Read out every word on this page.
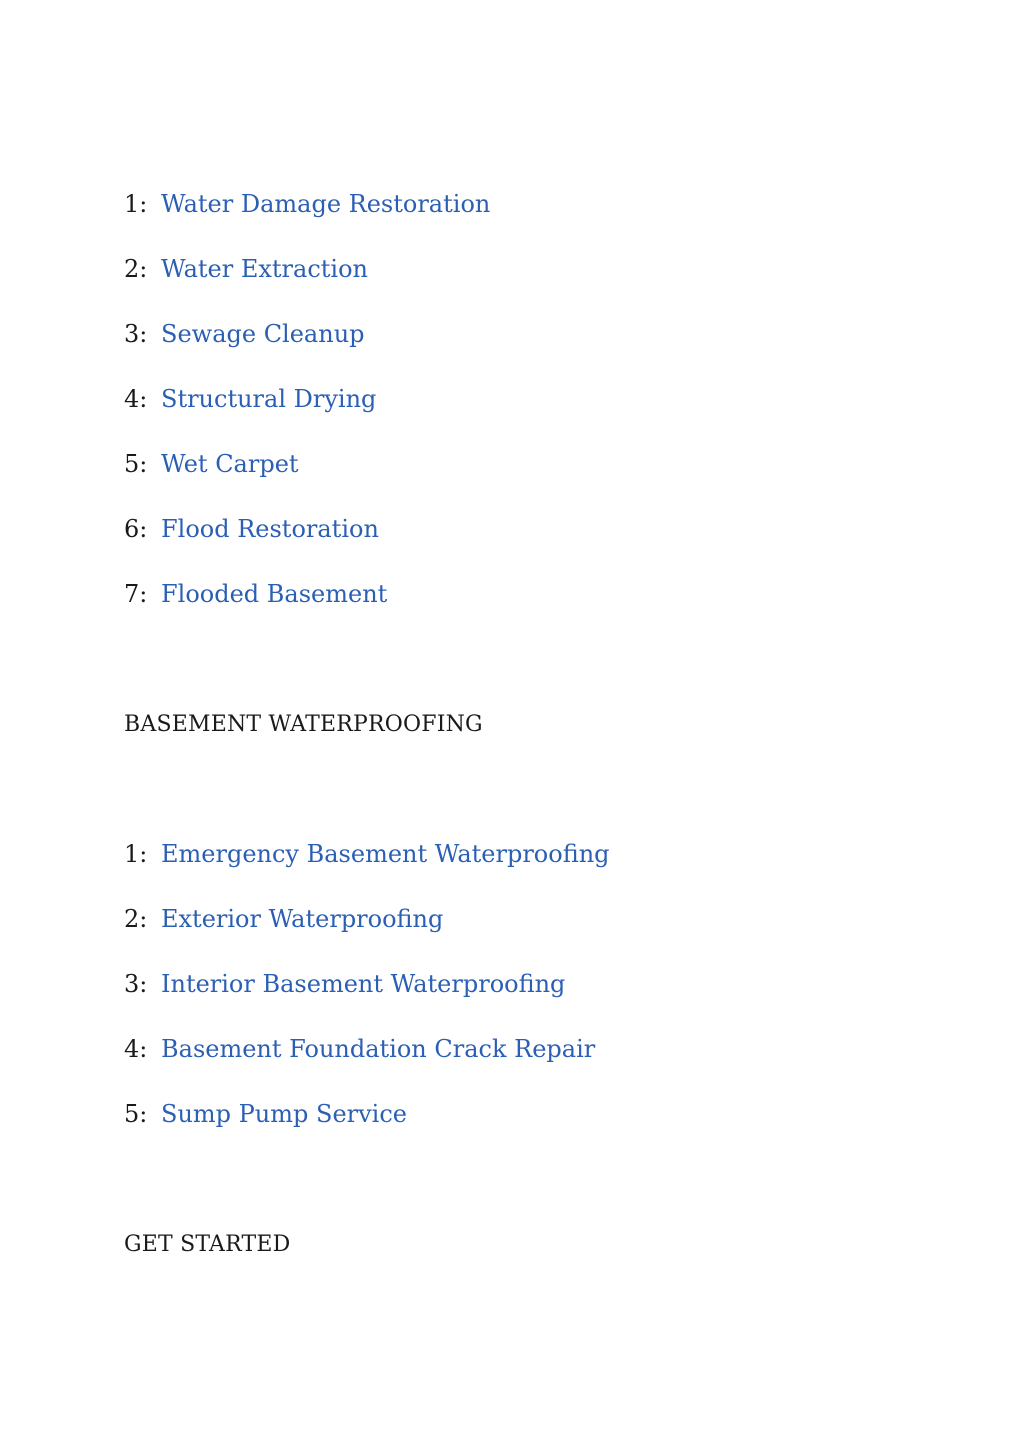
1: Water Damage Restoration
2: Water Extraction
3: Sewage Cleanup
4: Structural Drying
5: Wet Carpet
6: Flood Restoration
7: Flooded Basement
BASEMENT WATERPROOFING
1: Emergency Basement Waterproofing
2: Exterior Waterproofing
3: Interior Basement Waterproofing
4: Basement Foundation Crack Repair
5: Sump Pump Service
GET STARTED
